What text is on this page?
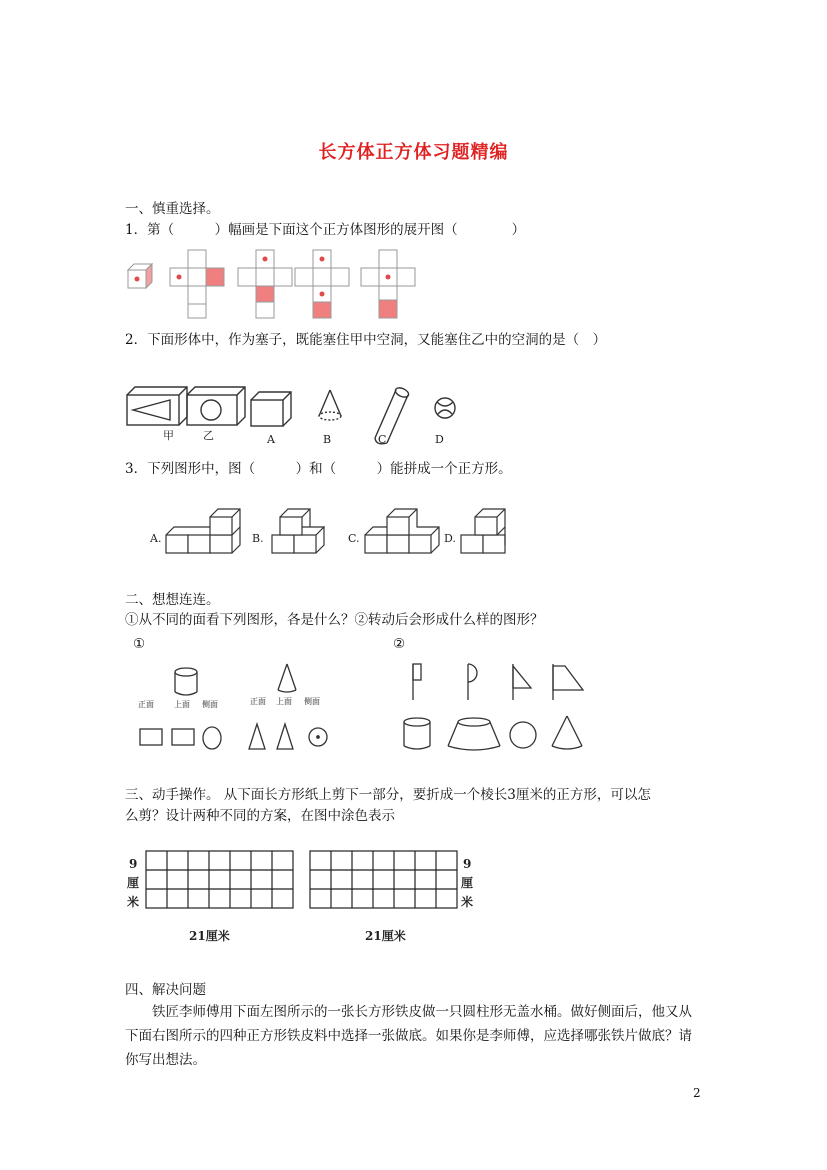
长方体正方体习题精编
一、慎重选择。
1．第（　　　）幅画是下面这个正方体图形的展开图（　　　　）
2．下面形体中，作为塞子，既能塞住甲中空洞，又能塞住乙中的空洞的是（　）
甲	乙	A	B	C	D
3．下列图形中，图（　　　）和（　　　）能拼成一个正方形。
A.	B.	C.	D.
二、想想连连。
①从不同的面看下列图形，各是什么？②转动后会形成什么样的图形？
①	②
正面	上面 侧面	正面 上面 侧面
三、动手操作。 从下面长方形纸上剪下一部分，要折成一个棱长3厘米的正方形，可以怎
么剪？设计两种不同的方案，在图中涂色表示
9
厘
米
9
厘
米
21厘米	21厘米
四、解决问题
铁匠李师傅用下面左图所示的一张长方形铁皮做一只圆柱形无盖水桶。做好侧面后，他又从下面右图所示的四种正方形铁皮料中选择一张做底。如果你是李师傅，应选择哪张铁片做底？请你写出想法。
2
